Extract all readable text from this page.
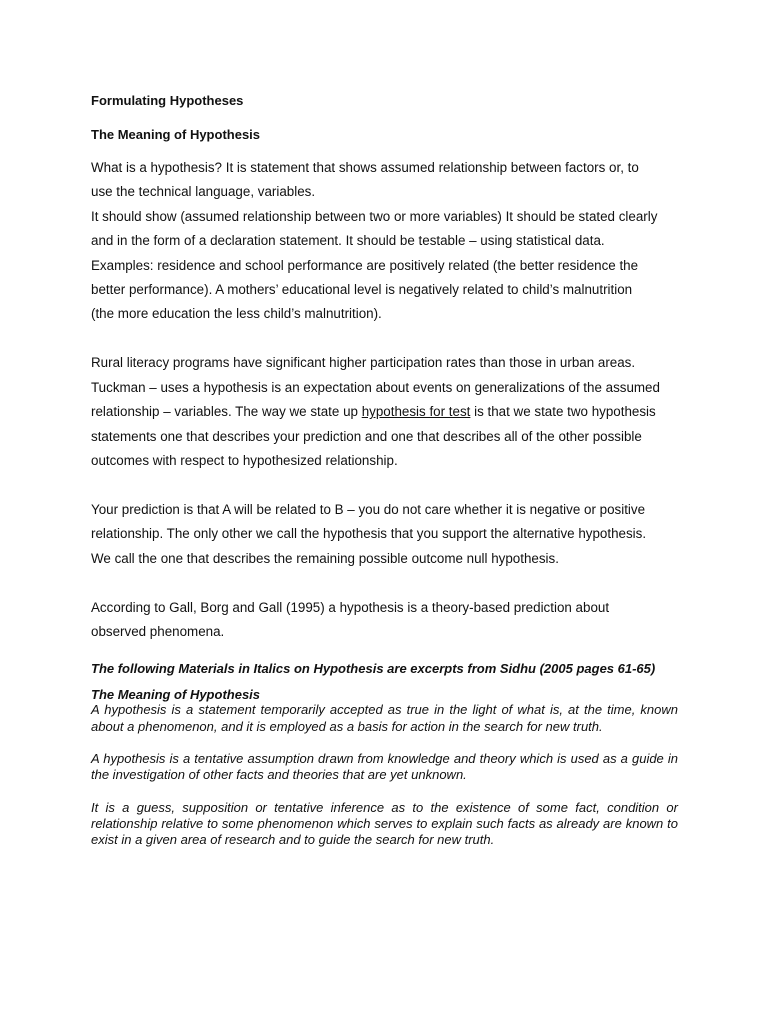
Formulating Hypotheses
The Meaning of Hypothesis

What is a hypothesis? It is statement that shows assumed relationship between factors or, to
use the technical language, variables.

It should show (assumed relationship between two or more variables) It should be stated clearly
and in the form of a declaration statement. It should be testable – using statistical data.
Examples: residence and school performance are positively related (the better residence the
better performance). A mothers’ educational level is negatively related to child’s malnutrition
(the more education the less child’s malnutrition).

Rural literacy programs have significant higher participation rates than those in urban areas.
Tuckman – uses a hypothesis is an expectation about events on generalizations of the assumed
relationship – variables. The way we state up hypothesis for test is that we state two hypothesis
statements one that describes your prediction and one that describes all of the other possible
outcomes with respect to hypothesized relationship.

Your prediction is that A will be related to B – you do not care whether it is negative or positive
relationship. The only other we call the hypothesis that you support the alternative hypothesis.
We call the one that describes the remaining possible outcome null hypothesis.

According to Gall, Borg and Gall (1995) a hypothesis is a theory-based prediction about
observed phenomena.

The following Materials in Italics on Hypothesis are excerpts from Sidhu (2005 pages 61-65)

The Meaning of Hypothesis

A hypothesis is a statement temporarily accepted as true in the light of what is, at the time, known about a phenomenon, and it is employed as a basis for action in the search for new truth.

A hypothesis is a tentative assumption drawn from knowledge and theory which is used as a guide in the investigation of other facts and theories that are yet unknown.

It is a guess, supposition or tentative inference as to the existence of some fact, condition or relationship relative to some phenomenon which serves to explain such facts as already are known to exist in a given area of research and to guide the search for new truth.
